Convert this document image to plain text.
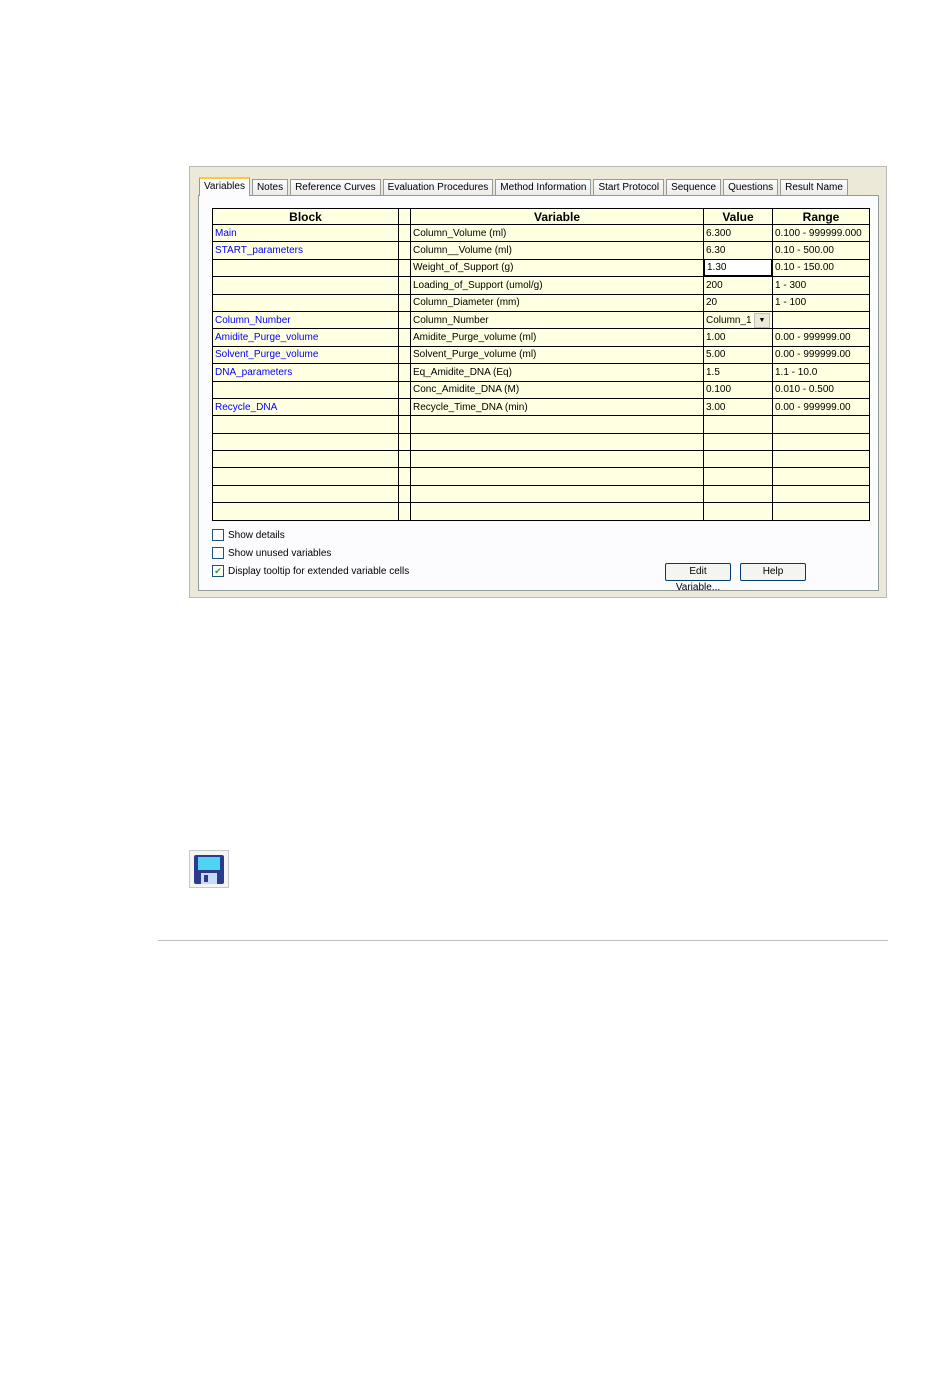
Variables	Notes	Reference Curves	Evaluation Procedures	Method Information	Start Protocol	Sequence	Questions	Result Name
Block		Variable	Value	Range
Main		Column_Volume (ml)	6.300	0.100 - 999999.000
START_parameters		Column__Volume (ml)	6.30	0.10 - 500.00
		Weight_of_Support (g)	1.30	0.10 - 150.00
		Loading_of_Support (umol/g)	200	1 - 300
		Column_Diameter (mm)	20	1 - 100
Column_Number		Column_Number	Column_1 ▼	

Amidite_Purge_volume		Amidite_Purge_volume (ml)	1.00	0.00 - 999999.00
Solvent_Purge_volume		Solvent_Purge_volume (ml)	5.00	0.00 - 999999.00
DNA_parameters		Eq_Amidite_DNA (Eq)	1.5	1.1 - 10.0
		Conc_Amidite_DNA (M)	0.100	0.010 - 0.500
Recycle_DNA		Recycle_Time_DNA (min)	3.00	0.00 - 999999.00

Show details
Show unused variables
✔ Display tooltip for extended variable cells	Edit Variable...
Help
